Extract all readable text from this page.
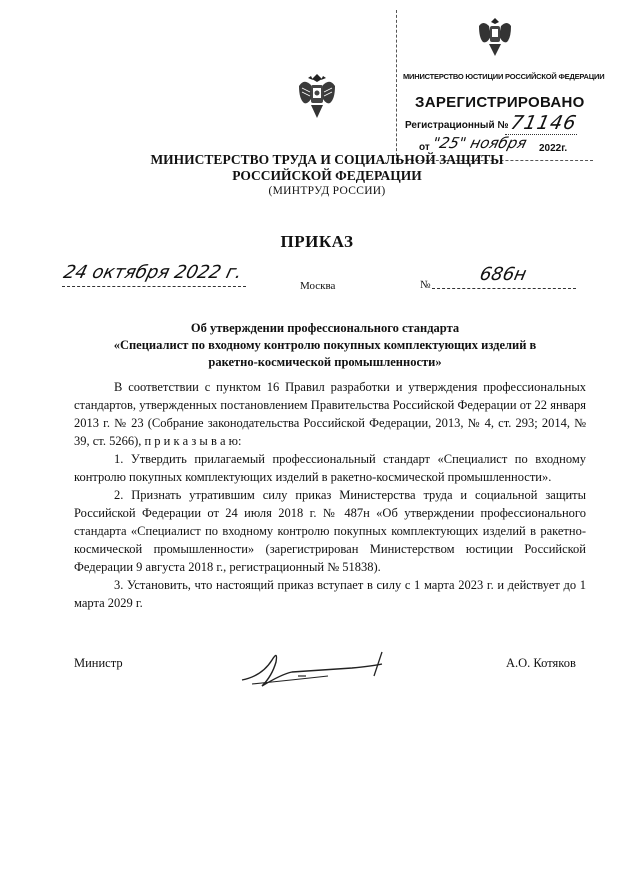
МИНИСТЕРСТВО ЮСТИЦИИ РОССИЙСКОЙ ФЕДЕРАЦИИ
ЗАРЕГИСТРИРОВАНО
Регистрационный № 71146
от "25" ноября 2022г.
МИНИСТЕРСТВО ТРУДА И СОЦИАЛЬНОЙ ЗАЩИТЫ
РОССИЙСКОЙ ФЕДЕРАЦИИ
(МИНТРУД РОССИИ)
ПРИКАЗ
24 октября 2022 г.
Москва	№	686н
Об утверждении профессионального стандарта
«Специалист по входному контролю покупных комплектующих изделий в
ракетно-космической промышленности»

В соответствии с пунктом 16 Правил разработки и утверждения профессиональных стандартов, утвержденных постановлением Правительства Российской Федерации от 22 января 2013 г. № 23 (Собрание законодательства Российской Федерации, 2013, № 4, ст. 293; 2014, № 39, ст. 5266), п р и к а з ы в а ю:

1. Утвердить прилагаемый профессиональный стандарт «Специалист по входному контролю покупных комплектующих изделий в ракетно-космической промышленности».

2. Признать утратившим силу приказ Министерства труда и социальной защиты Российской Федерации от 24 июля 2018 г. № 487н «Об утверждении профессионального стандарта «Специалист по входному контролю покупных комплектующих изделий в ракетно-космической промышленности» (зарегистрирован Министерством юстиции Российской Федерации 9 августа 2018 г., регистрационный № 51838).

3. Установить, что настоящий приказ вступает в силу с 1 марта 2023 г. и действует до 1 марта 2029 г.

Министр	А.О. Котяков
